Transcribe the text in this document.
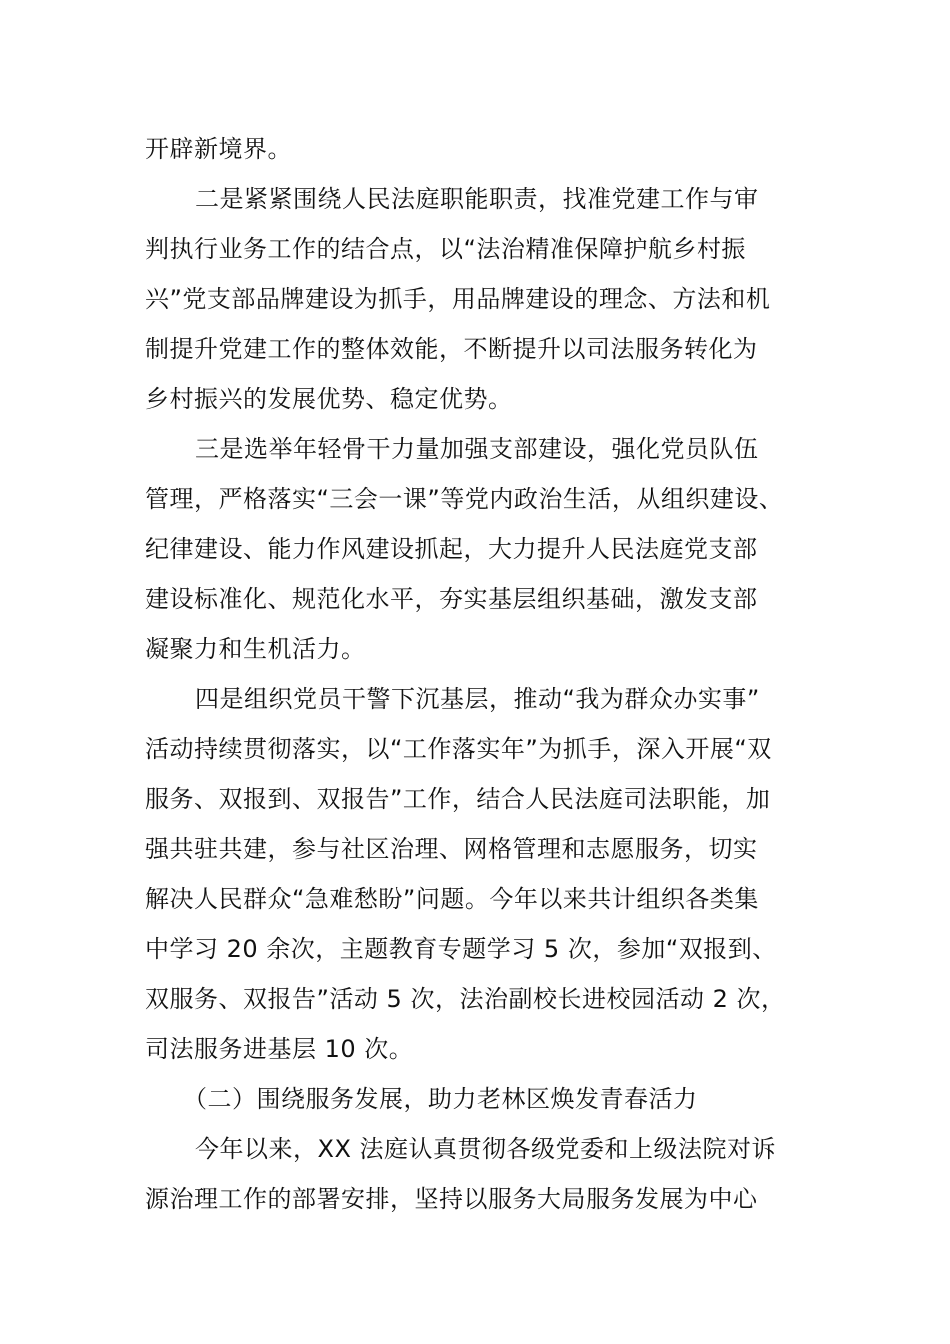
开辟新境界。
二是紧紧围绕人民法庭职能职责，找准党建工作与审
判执行业务工作的结合点，以“法治精准保障护航乡村振
兴”党支部品牌建设为抓手，用品牌建设的理念、方法和机
制提升党建工作的整体效能，不断提升以司法服务转化为
乡村振兴的发展优势、稳定优势。
三是选举年轻骨干力量加强支部建设，强化党员队伍
管理，严格落实“三会一课”等党内政治生活，从组织建设、
纪律建设、能力作风建设抓起，大力提升人民法庭党支部
建设标准化、规范化水平，夯实基层组织基础，激发支部
凝聚力和生机活力。
四是组织党员干警下沉基层，推动“我为群众办实事”
活动持续贯彻落实，以“工作落实年”为抓手，深入开展“双
服务、双报到、双报告”工作，结合人民法庭司法职能，加
强共驻共建，参与社区治理、网格管理和志愿服务，切实
解决人民群众“急难愁盼”问题。今年以来共计组织各类集
中学习 20 余次，主题教育专题学习 5 次，参加“双报到、
双服务、双报告”活动 5 次，法治副校长进校园活动 2 次，
司法服务进基层 10 次。
（二）围绕服务发展，助力老林区焕发青春活力
今年以来，XX 法庭认真贯彻各级党委和上级法院对诉
源治理工作的部署安排，坚持以服务大局服务发展为中心
